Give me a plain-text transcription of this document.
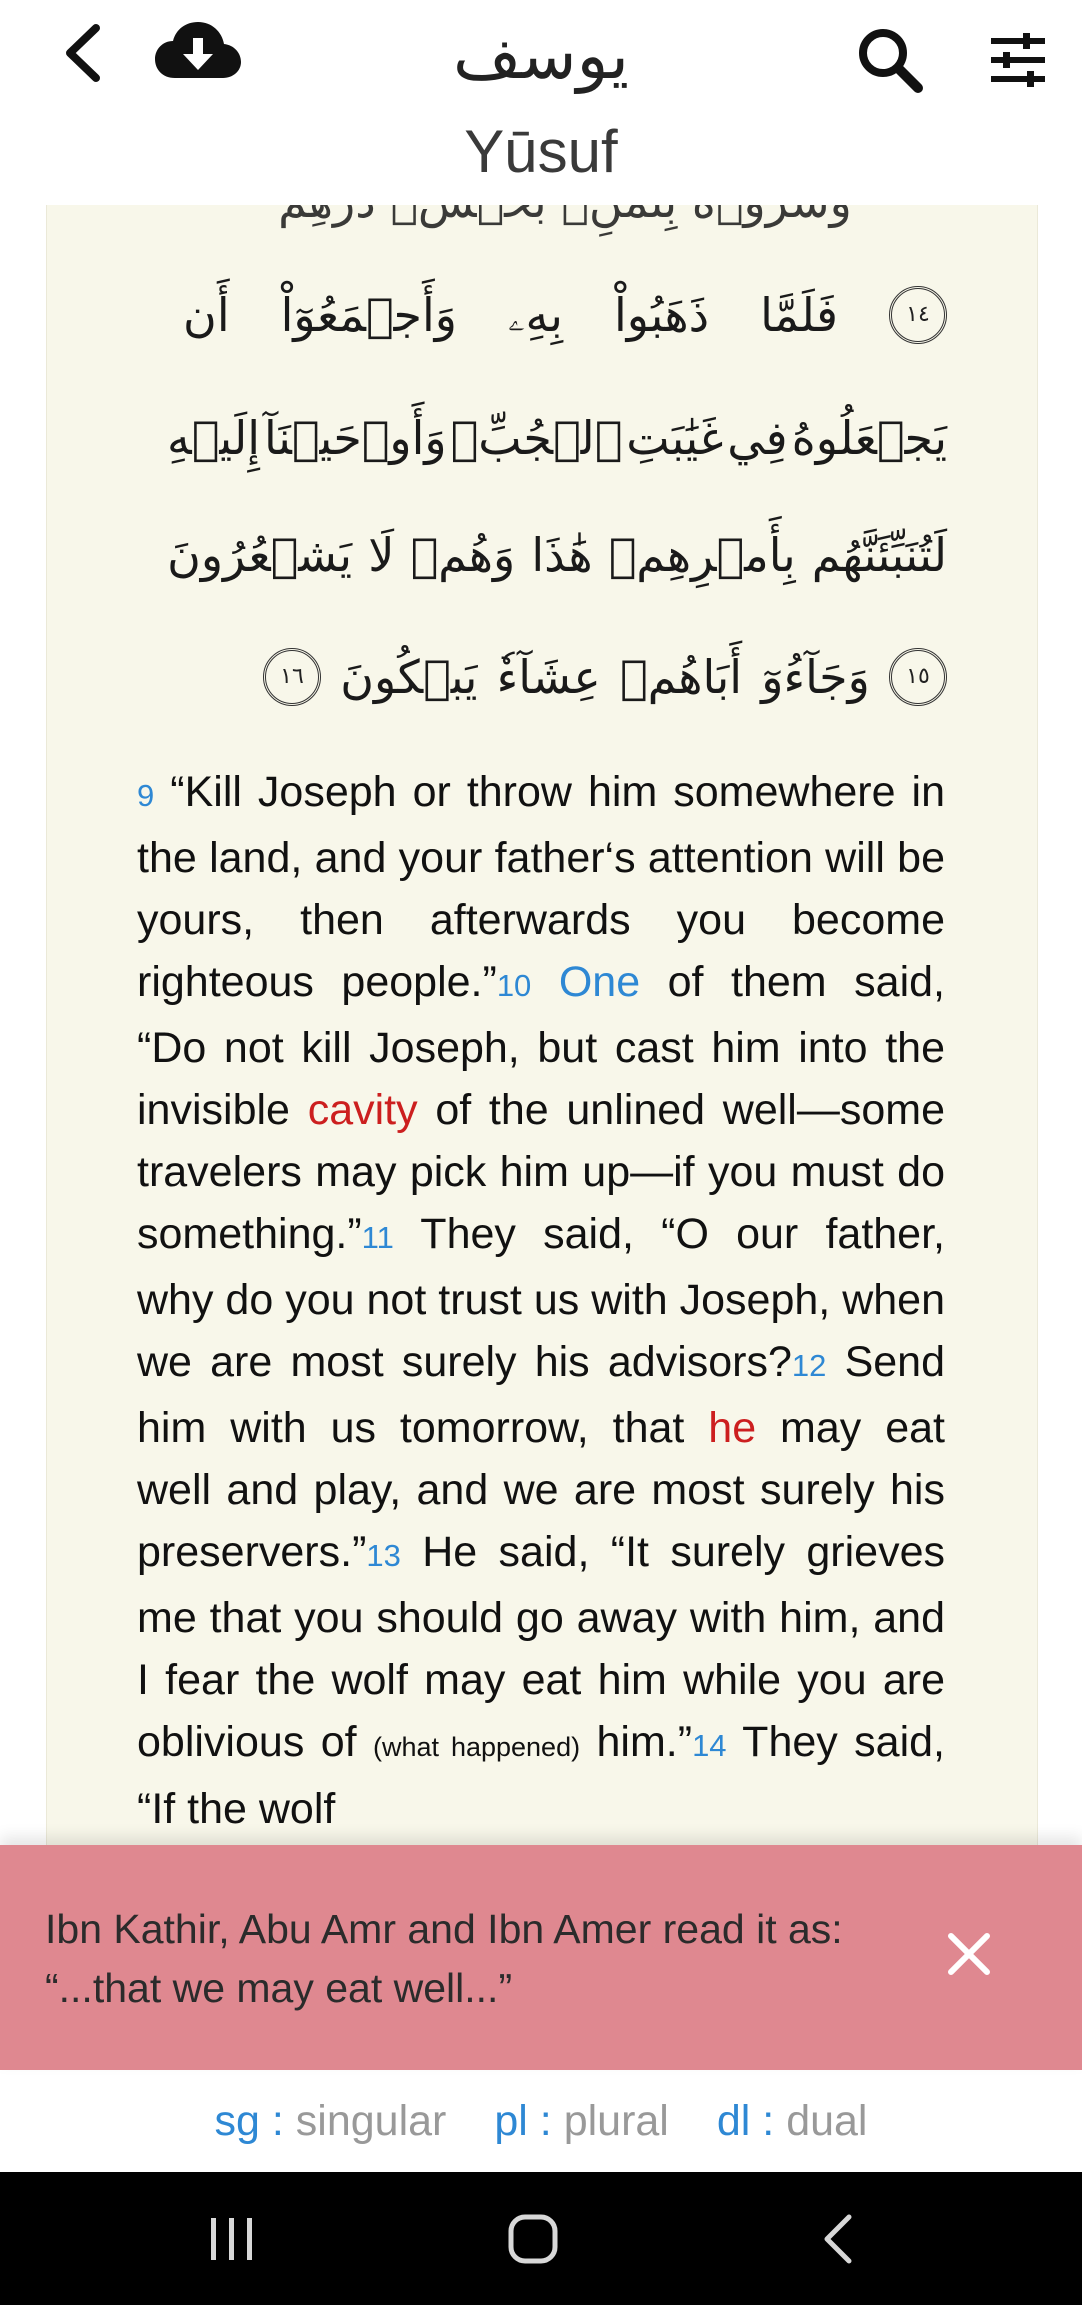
يوسف
Yūsuf
١٤
فَلَمَّا
ذَهَبُواْ
بِهِۦ
وَأَجۡمَعُوٓاْ
أَن
يَجۡعَلُوهُ
فِي
غَيَٰبَتِ
ٱلۡجُبِّۚ
وَأَوۡحَيۡنَآ
إِلَيۡهِ
لَتُنَبِّئَنَّهُم
بِأَمۡرِهِمۡ
هَٰذَا
وَهُمۡ
لَا
يَشۡعُرُونَ
١٥
وَجَآءُوٓ
أَبَاهُمۡ
عِشَآءٗ
يَبۡكُونَ
١٦

9 “Kill Joseph or throw him somewhere in the land, and your father‘s attention will be yours, then afterwards you become righteous people.”10 One of them said, “Do not kill Joseph, but cast him into the invisible cavity of the unlined well—some travelers may pick him up—if you must do something.”11 They said, “O our father, why do you not trust us with Joseph, when we are most surely his advisors?12 Send him with us tomorrow, that he may eat well and play, and we are most surely his preservers.”13 He said, “It surely grieves me that you should go away with him, and I fear the wolf may eat him while you are oblivious of (what happened) him.”14 They said, “If the wolf

Ibn Kathir, Abu Amr and Ibn Amer read it as: “...that we may eat well...”
sg : singular pl : plural dl : dual
